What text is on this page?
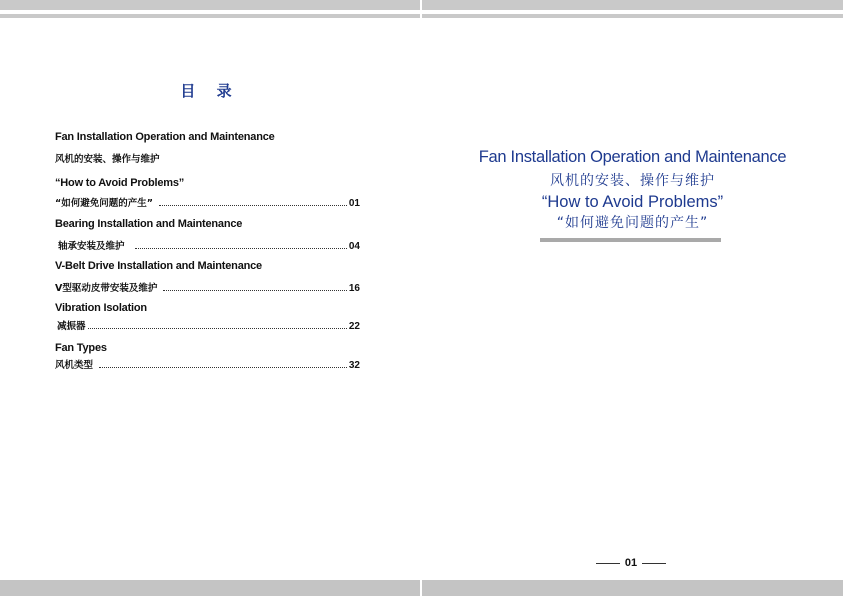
目 录
Fan Installation Operation and Maintenance
风机的安装、操作与维护
“How to Avoid Problems”
“如何避免问题的产生”	01
Bearing Installation and Maintenance
轴承安装及维护	04
V-Belt Drive Installation and Maintenance
V型驱动皮带安装及维护	16
Vibration Isolation
减振器	22
Fan Types
风机类型	32
Fan Installation Operation and Maintenance
风机的安装、操作与维护
“How to Avoid Problems”
“如何避免问题的产生”
01
